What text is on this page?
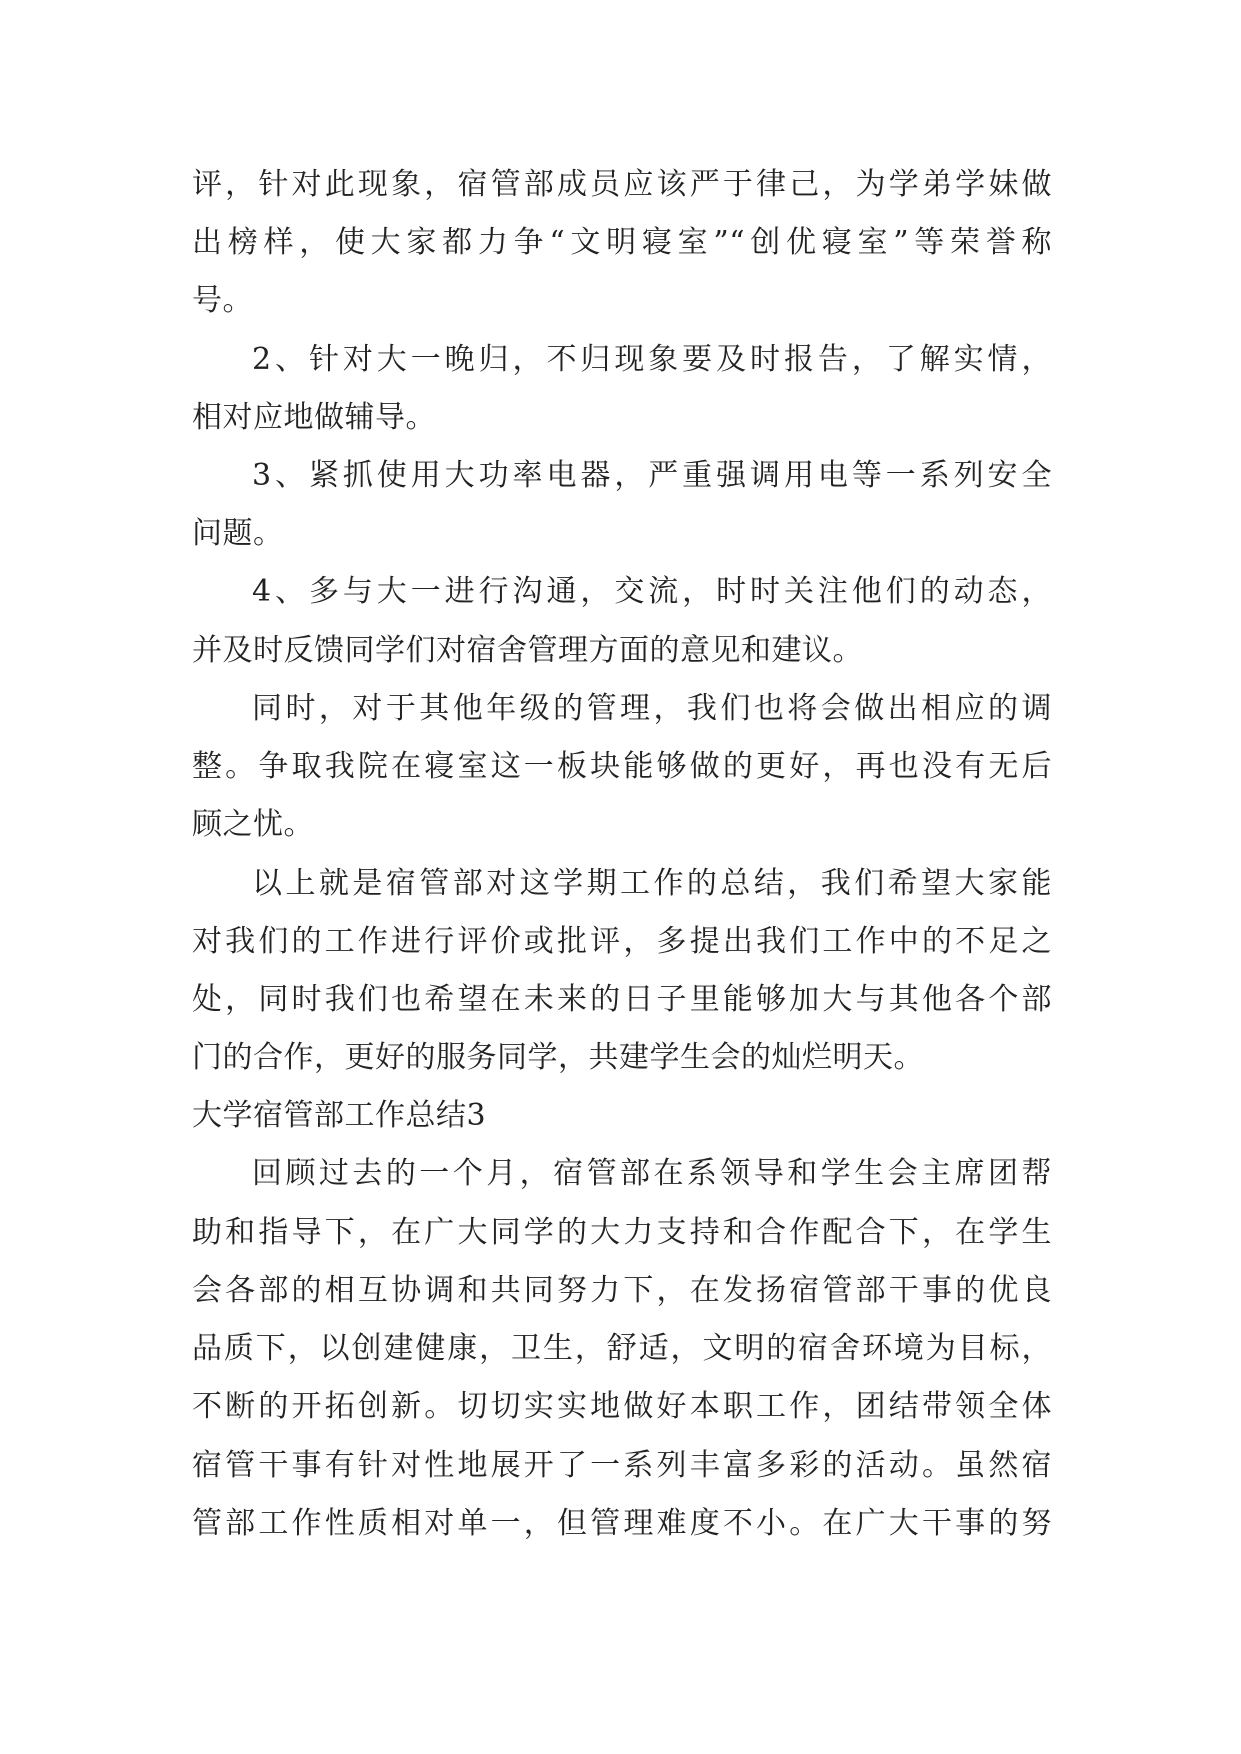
评，针对此现象，宿管部成员应该严于律己，为学弟学妹做
出榜样，使大家都力争“文明寝室”“创优寝室”等荣誉称
号。
2、针对大一晚归，不归现象要及时报告，了解实情，
相对应地做辅导。
3、紧抓使用大功率电器，严重强调用电等一系列安全
问题。
4、多与大一进行沟通，交流，时时关注他们的动态，
并及时反馈同学们对宿舍管理方面的意见和建议。
同时，对于其他年级的管理，我们也将会做出相应的调
整。争取我院在寝室这一板块能够做的更好，再也没有无后
顾之忧。
以上就是宿管部对这学期工作的总结，我们希望大家能
对我们的工作进行评价或批评，多提出我们工作中的不足之
处，同时我们也希望在未来的日子里能够加大与其他各个部
门的合作，更好的服务同学，共建学生会的灿烂明天。
大学宿管部工作总结3
回顾过去的一个月，宿管部在系领导和学生会主席团帮
助和指导下，在广大同学的大力支持和合作配合下，在学生
会各部的相互协调和共同努力下，在发扬宿管部干事的优良
品质下，以创建健康，卫生，舒适，文明的宿舍环境为目标，
不断的开拓创新。切切实实地做好本职工作，团结带领全体
宿管干事有针对性地展开了一系列丰富多彩的活动。虽然宿
管部工作性质相对单一，但管理难度不小。在广大干事的努
